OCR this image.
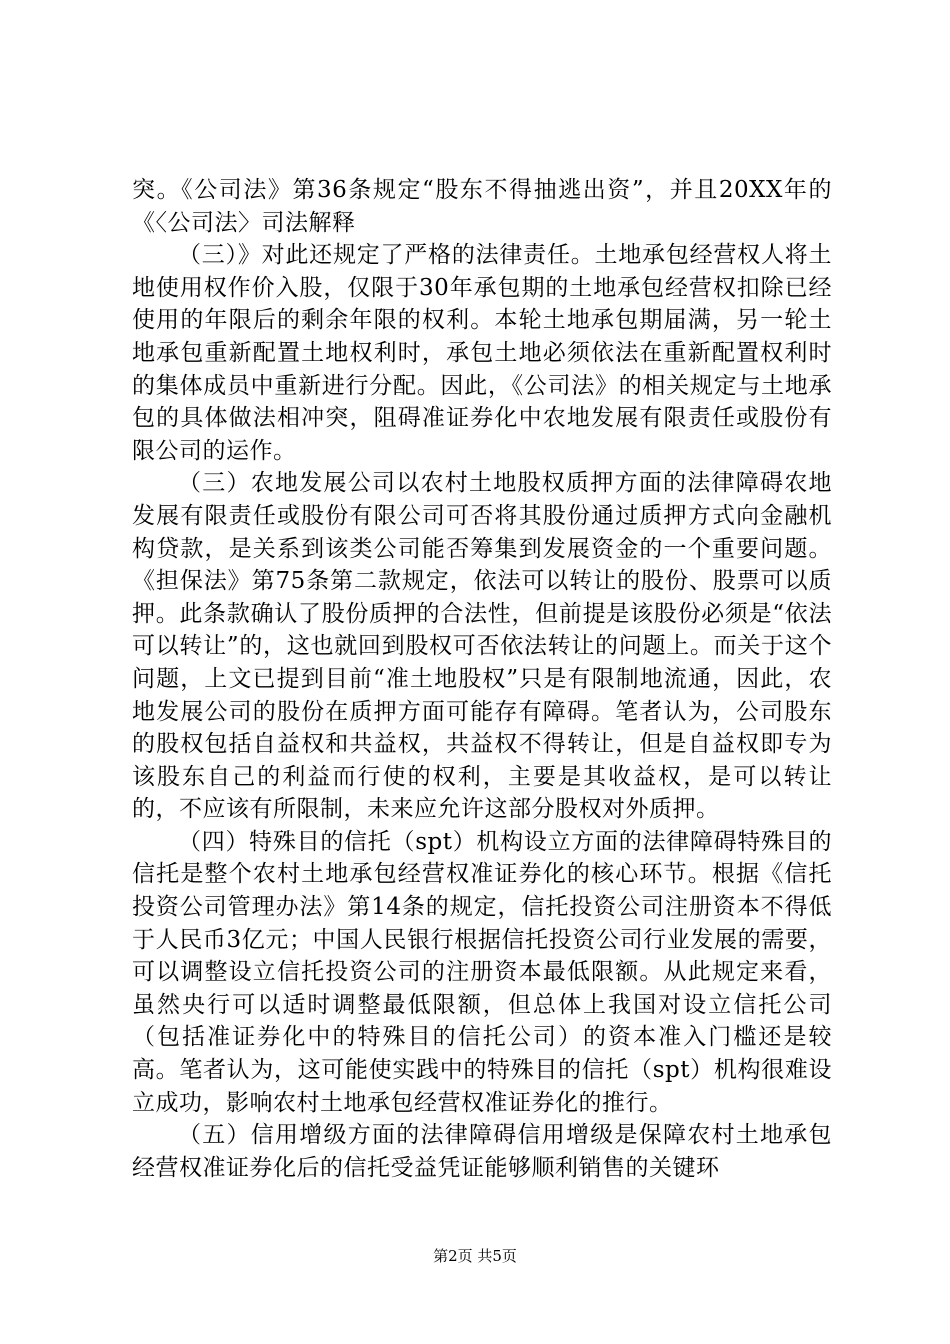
突。《公司法》第36条规定“股东不得抽逃出资”，并且20XX年的《〈公司法〉司法解释

（三）》对此还规定了严格的法律责任。土地承包经营权人将土地使用权作价入股，仅限于30年承包期的土地承包经营权扣除已经使用的年限后的剩余年限的权利。本轮土地承包期届满，另一轮土地承包重新配置土地权利时，承包土地必须依法在重新配置权利时的集体成员中重新进行分配。因此，《公司法》的相关规定与土地承包的具体做法相冲突，阻碍准证券化中农地发展有限责任或股份有限公司的运作。

（三）农地发展公司以农村土地股权质押方面的法律障碍农地发展有限责任或股份有限公司可否将其股份通过质押方式向金融机构贷款，是关系到该类公司能否筹集到发展资金的一个重要问题。《担保法》第75条第二款规定，依法可以转让的股份、股票可以质押。此条款确认了股份质押的合法性，但前提是该股份必须是“依法可以转让”的，这也就回到股权可否依法转让的问题上。而关于这个问题，上文已提到目前“准土地股权”只是有限制地流通，因此，农地发展公司的股份在质押方面可能存有障碍。笔者认为，公司股东的股权包括自益权和共益权，共益权不得转让，但是自益权即专为该股东自己的利益而行使的权利，主要是其收益权，是可以转让的，不应该有所限制，未来应允许这部分股权对外质押。

（四）特殊目的信托（spt）机构设立方面的法律障碍特殊目的信托是整个农村土地承包经营权准证券化的核心环节。根据《信托投资公司管理办法》第14条的规定，信托投资公司注册资本不得低于人民币3亿元；中国人民银行根据信托投资公司行业发展的需要，可以调整设立信托投资公司的注册资本最低限额。从此规定来看，虽然央行可以适时调整最低限额，但总体上我国对设立信托公司（包括准证券化中的特殊目的信托公司）的资本准入门槛还是较高。笔者认为，这可能使实践中的特殊目的信托（spt）机构很难设立成功，影响农村土地承包经营权准证券化的推行。

（五）信用增级方面的法律障碍信用增级是保障农村土地承包经营权准证券化后的信托受益凭证能够顺利销售的关键环

第2页 共5页
